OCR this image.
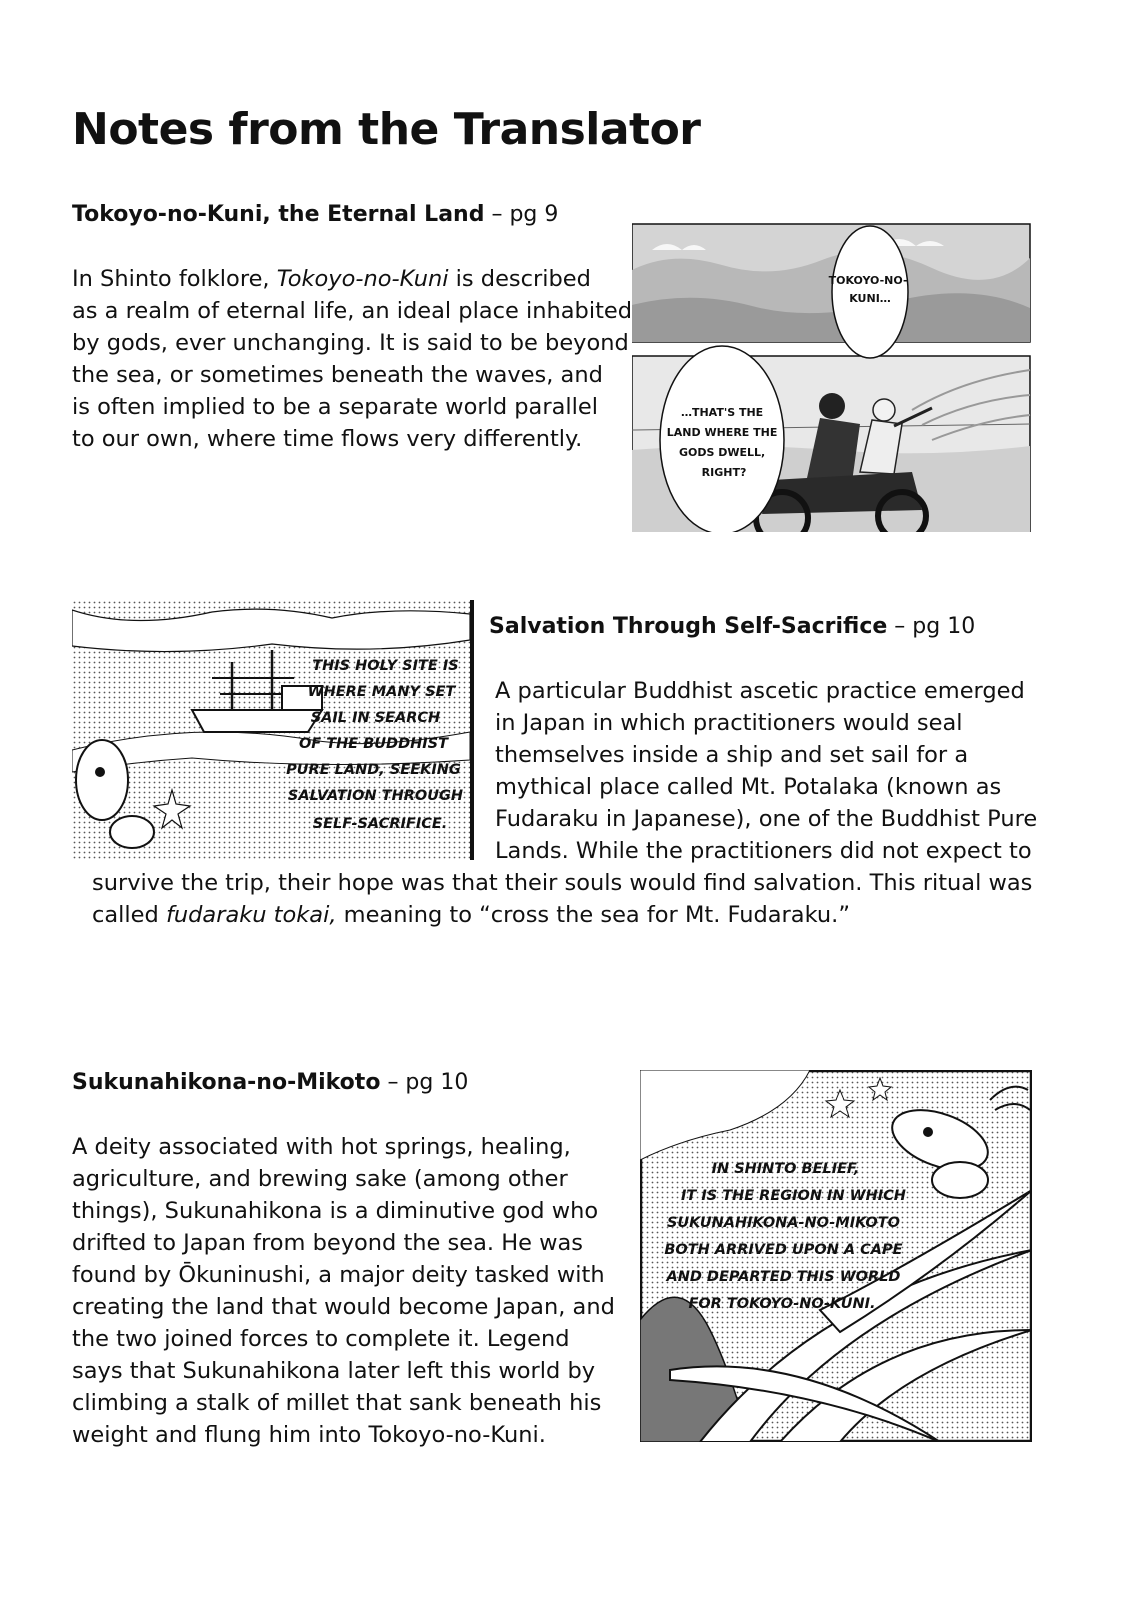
Notes from the Translator

Tokoyo-no-Kuni, the Eternal Land – pg 9

In Shinto folklore, Tokoyo-no-Kuni is described
as a realm of eternal life, an ideal place inhabited
by gods, ever unchanging. It is said to be beyond
the sea, or sometimes beneath the waves, and
is often implied to be a separate world parallel
to our own, where time flows very differently.

TOKOYO-NO- KUNI…
…THAT'S THE LAND WHERE THE GODS DWELL, RIGHT?
THIS HOLY SITE IS WHERE MANY SET SAIL IN SEARCH OF THE BUDDHIST PURE LAND, SEEKING SALVATION THROUGH SELF-SACRIFICE.

Salvation Through Self-Sacrifice – pg 10

A particular Buddhist ascetic practice emerged
in Japan in which practitioners would seal
themselves inside a ship and set sail for a
mythical place called Mt. Potalaka (known as
Fudaraku in Japanese), one of the Buddhist Pure
Lands. While the practitioners did not expect to

survive the trip, their hope was that their souls would find salvation. This ritual was
called fudaraku tokai, meaning to “cross the sea for Mt. Fudaraku.”

Sukunahikona-no-Mikoto – pg 10

A deity associated with hot springs, healing,
agriculture, and brewing sake (among other
things), Sukunahikona is a diminutive god who
drifted to Japan from beyond the sea. He was
found by Ōkuninushi, a major deity tasked with
creating the land that would become Japan, and
the two joined forces to complete it. Legend
says that Sukunahikona later left this world by
climbing a stalk of millet that sank beneath his
weight and flung him into Tokoyo-no-Kuni.

IN SHINTO BELIEF, IT IS THE REGION IN WHICH SUKUNAHIKONA-NO-MIKOTO BOTH ARRIVED UPON A CAPE AND DEPARTED THIS WORLD FOR TOKOYO-NO-KUNI.
